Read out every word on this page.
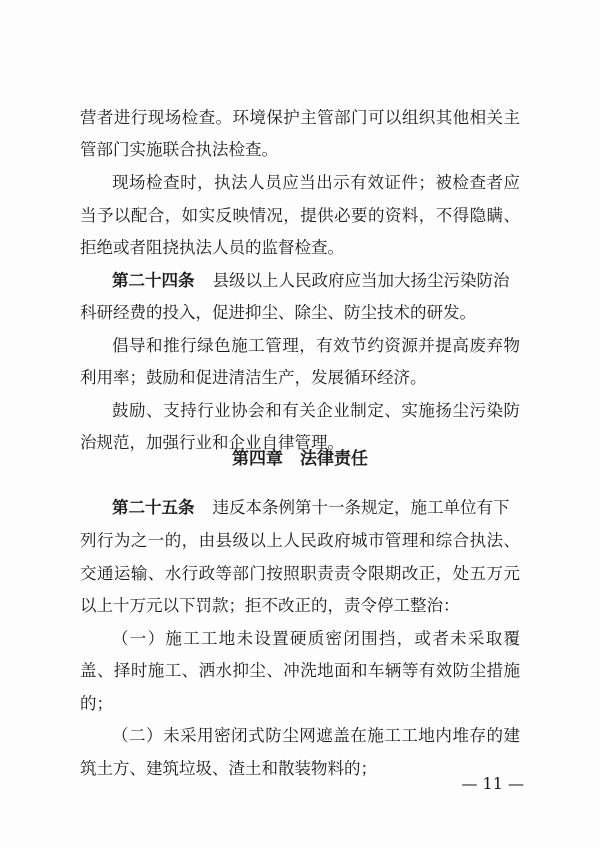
营者进行现场检查。环境保护主管部门可以组织其他相关主
管部门实施联合执法检查。
现场检查时，执法人员应当出示有效证件；被检查者应
当予以配合，如实反映情况，提供必要的资料，不得隐瞒、
拒绝或者阻挠执法人员的监督检查。
第二十四条 县级以上人民政府应当加大扬尘污染防治
科研经费的投入，促进抑尘、除尘、防尘技术的研发。
倡导和推行绿色施工管理，有效节约资源并提高废弃物
利用率；鼓励和促进清洁生产，发展循环经济。
鼓励、支持行业协会和有关企业制定、实施扬尘污染防
治规范，加强行业和企业自律管理。
第四章　法律责任
第二十五条 违反本条例第十一条规定，施工单位有下
列行为之一的，由县级以上人民政府城市管理和综合执法、
交通运输、水行政等部门按照职责责令限期改正，处五万元
以上十万元以下罚款；拒不改正的，责令停工整治：
（一）施工工地未设置硬质密闭围挡，或者未采取覆
盖、择时施工、洒水抑尘、冲洗地面和车辆等有效防尘措施
的；
（二）未采用密闭式防尘网遮盖在施工工地内堆存的建
筑土方、建筑垃圾、渣土和散装物料的；
— 11 —
